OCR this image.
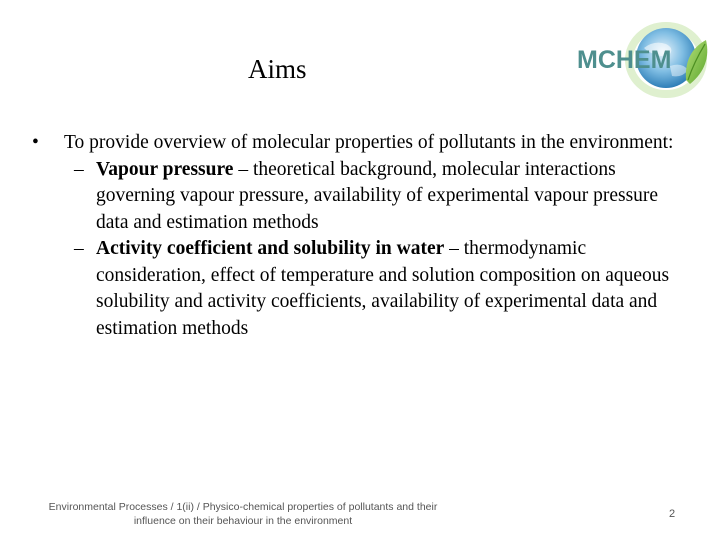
Aims	MCHEM
•	To provide overview of molecular properties of pollutants in the environment:
– Vapour pressure – theoretical background, molecular interactions governing vapour pressure, availability of experimental vapour pressure data and estimation methods
– Activity coefficient and solubility in water – thermodynamic consideration, effect of temperature and solution composition on aqueous solubility and activity coefficients, availability of experimental data and estimation methods
Environmental Processes / 1(ii) / Physico-chemical properties of pollutants and their
influence on their behaviour in the environment
2
